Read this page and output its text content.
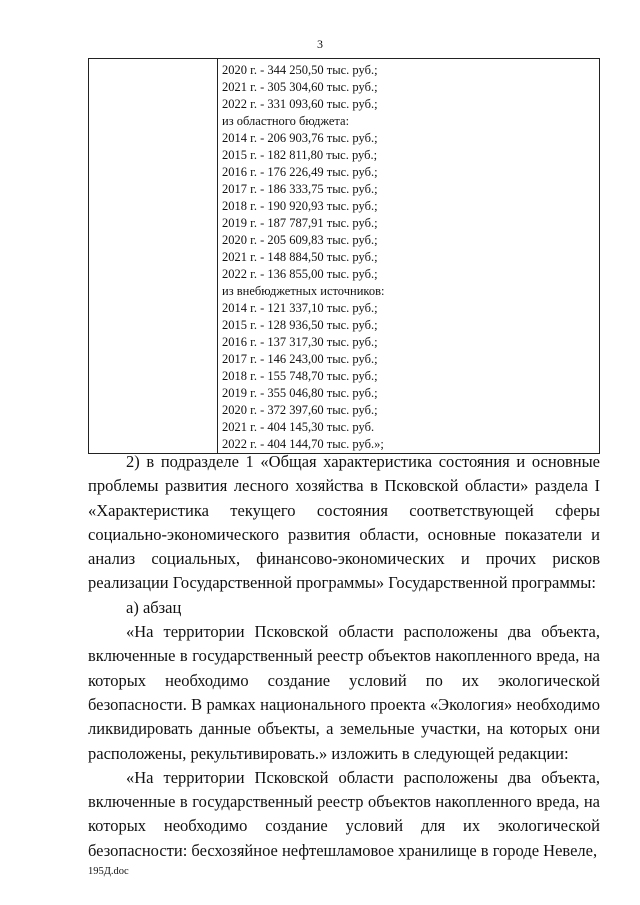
3

2020 г. - 344 250,50 тыс. руб.;
2021 г. - 305 304,60 тыс. руб.;
2022 г. - 331 093,60 тыс. руб.;
из областного бюджета:
2014 г. - 206 903,76 тыс. руб.;
2015 г. - 182 811,80 тыс. руб.;
2016 г. - 176 226,49 тыс. руб.;
2017 г. - 186 333,75 тыс. руб.;
2018 г. - 190 920,93 тыс. руб.;
2019 г. - 187 787,91 тыс. руб.;
2020 г. - 205 609,83 тыс. руб.;
2021 г. - 148 884,50 тыс. руб.;
2022 г. - 136 855,00 тыс. руб.;
из внебюджетных источников:
2014 г. - 121 337,10 тыс. руб.;
2015 г. - 128 936,50 тыс. руб.;
2016 г. - 137 317,30 тыс. руб.;
2017 г. - 146 243,00 тыс. руб.;
2018 г. - 155 748,70 тыс. руб.;
2019 г. - 355 046,80 тыс. руб.;
2020 г. - 372 397,60 тыс. руб.;
2021 г. - 404 145,30 тыс. руб.
2022 г. - 404 144,70 тыс. руб.»;

2) в подразделе 1 «Общая характеристика состояния и основные проблемы развития лесного хозяйства в Псковской области» раздела I «Характеристика текущего состояния соответствующей сферы социально-экономического развития области, основные показатели и анализ социальных, финансово-экономических и прочих рисков реализации Государственной программы» Государственной программы:

а) абзац

«На территории Псковской области расположены два объекта, включенные в государственный реестр объектов накопленного вреда, на которых необходимо создание условий по их экологической безопасности. В рамках национального проекта «Экология» необходимо ликвидировать данные объекты, а земельные участки, на которых они расположены, рекультивировать.» изложить в следующей редакции:

«На территории Псковской области расположены два объекта, включенные в государственный реестр объектов накопленного вреда, на которых необходимо создание условий для их экологической безопасности: бесхозяйное нефтешламовое хранилище в городе Невеле,

195Д.doc
